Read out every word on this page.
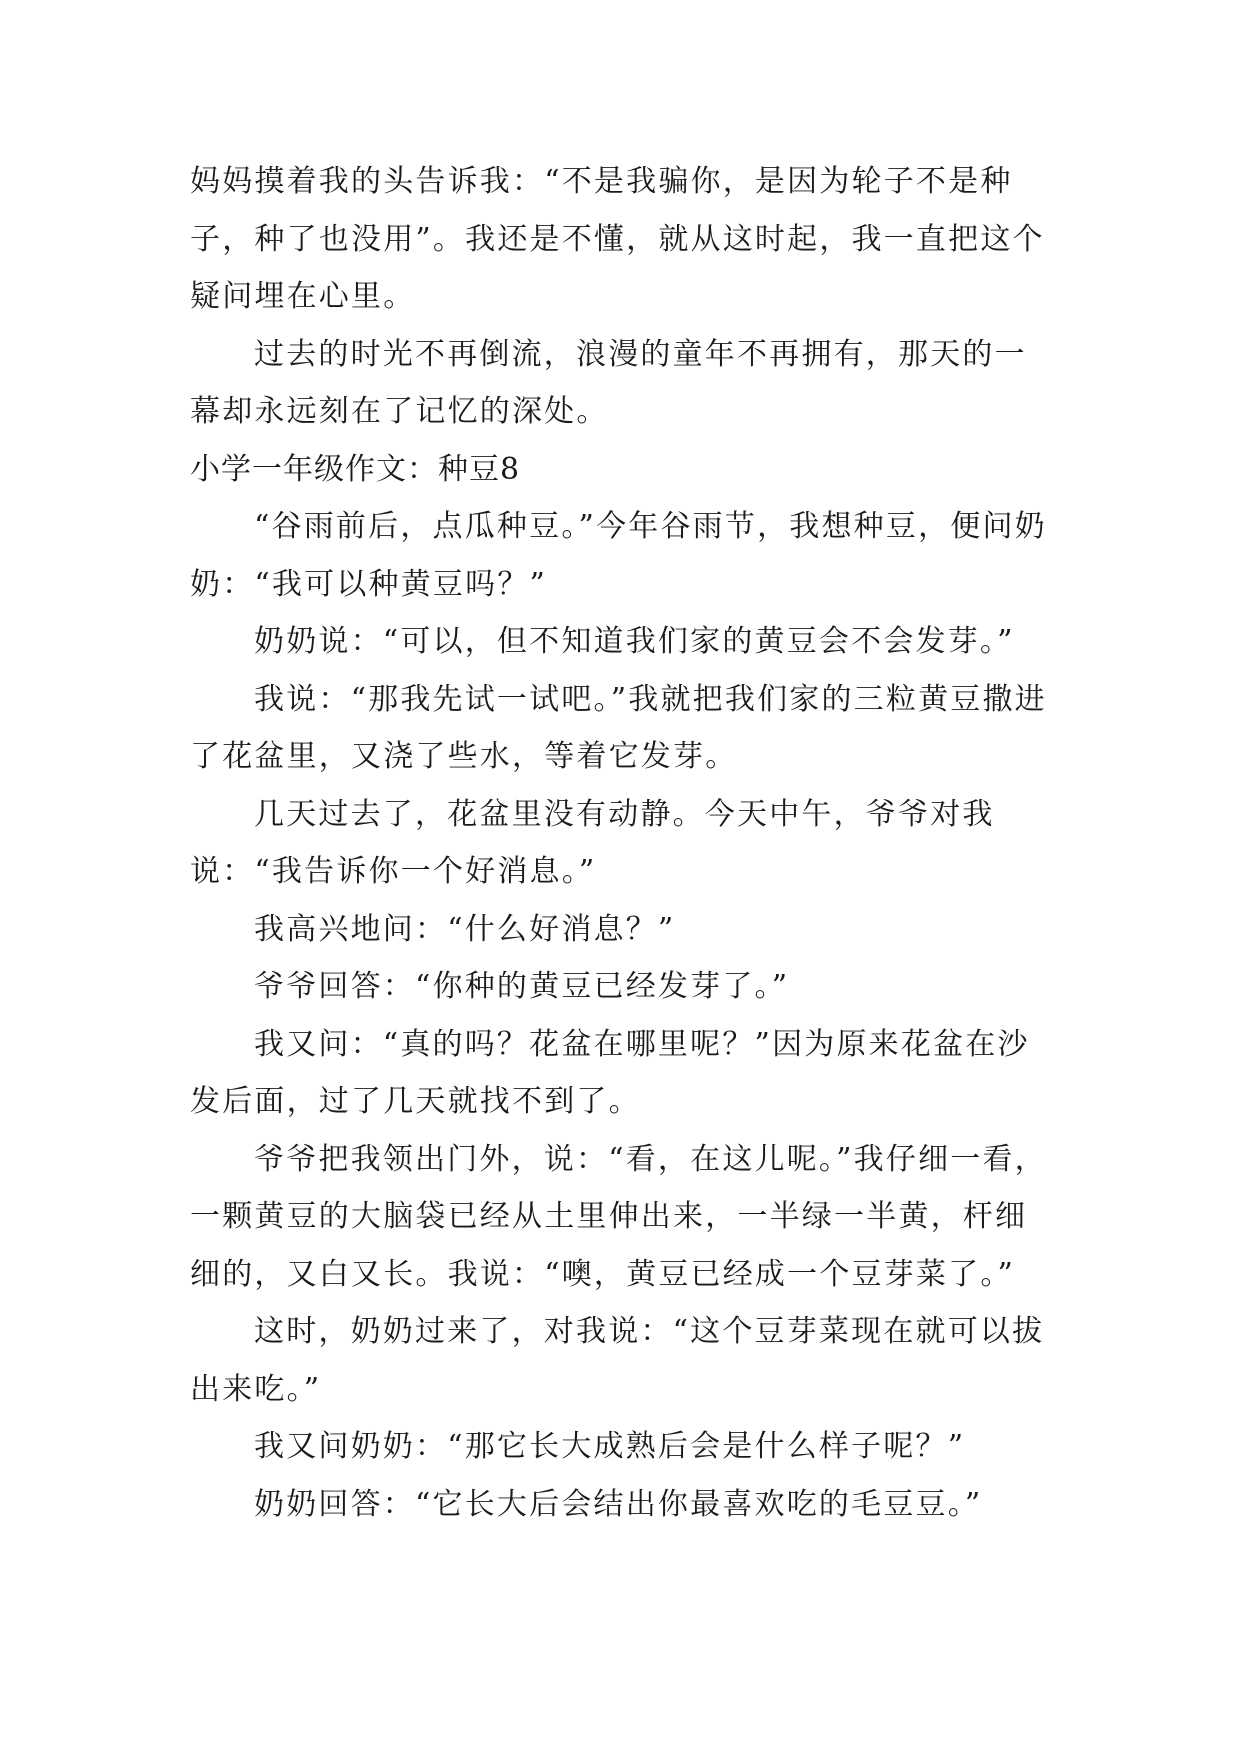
妈妈摸着我的头告诉我：“不是我骗你，是因为轮子不是种子，种了也没用”。我还是不懂，就从这时起，我一直把这个疑问埋在心里。

过去的时光不再倒流，浪漫的童年不再拥有，那天的一幕却永远刻在了记忆的深处。

小学一年级作文：种豆8

“谷雨前后，点瓜种豆。”今年谷雨节，我想种豆，便问奶奶：“我可以种黄豆吗？”

奶奶说：“可以，但不知道我们家的黄豆会不会发芽。”

我说：“那我先试一试吧。”我就把我们家的三粒黄豆撒进了花盆里，又浇了些水，等着它发芽。

几天过去了，花盆里没有动静。今天中午，爷爷对我说：“我告诉你一个好消息。”

我高兴地问：“什么好消息？”

爷爷回答：“你种的黄豆已经发芽了。”

我又问：“真的吗？花盆在哪里呢？”因为原来花盆在沙发后面，过了几天就找不到了。

爷爷把我领出门外，说：“看，在这儿呢。”我仔细一看，一颗黄豆的大脑袋已经从土里伸出来，一半绿一半黄，杆细细的，又白又长。我说：“噢，黄豆已经成一个豆芽菜了。”

这时，奶奶过来了，对我说：“这个豆芽菜现在就可以拔出来吃。”

我又问奶奶：“那它长大成熟后会是什么样子呢？”

奶奶回答：“它长大后会结出你最喜欢吃的毛豆豆。”
